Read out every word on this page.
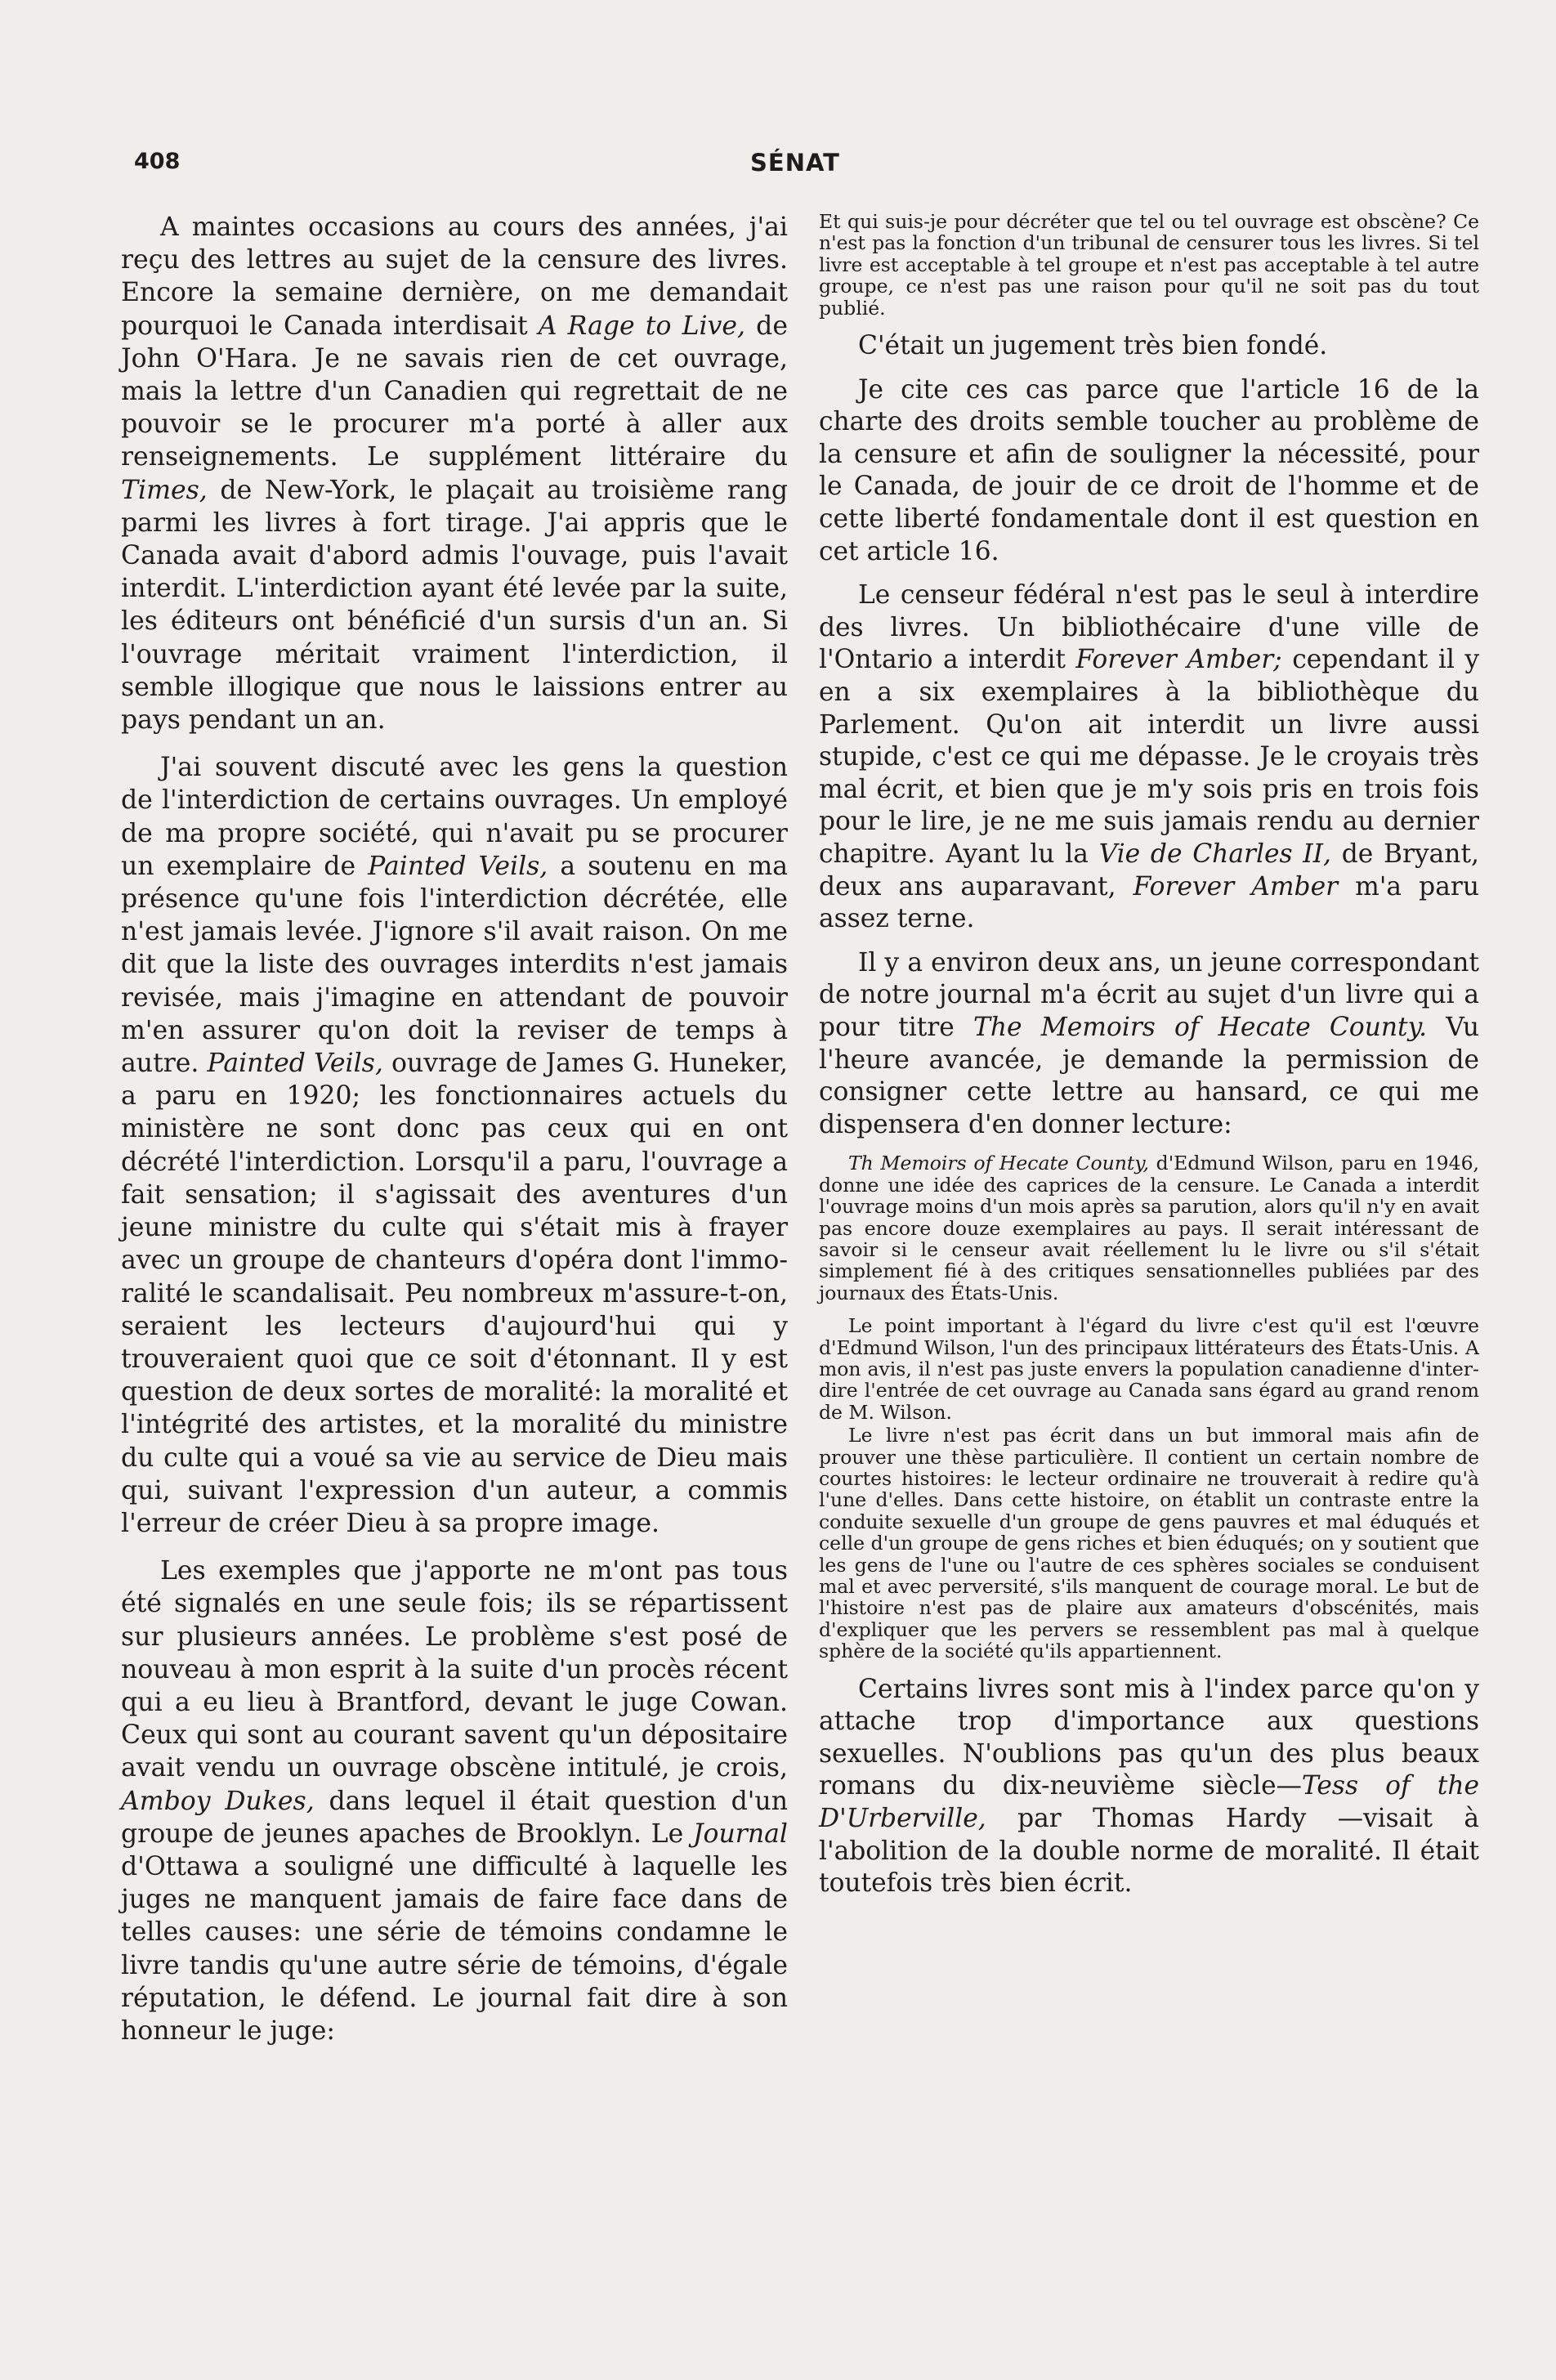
408	SÉNAT

A maintes occasions au cours des années, j'ai reçu des lettres au sujet de la censure des livres. Encore la semaine dernière, on me demandait pourquoi le Canada interdisait A Rage to Live, de John O'Hara. Je ne savais rien de cet ouvrage, mais la lettre d'un Canadien qui regrettait de ne pouvoir se le procurer m'a porté à aller aux renseignements. Le supplément littéraire du Times, de New-York, le plaçait au troisième rang parmi les livres à fort tirage. J'ai appris que le Canada avait d'abord admis l'ouvage, puis l'avait interdit. L'interdiction ayant été levée par la suite, les éditeurs ont bénéficié d'un sursis d'un an. Si l'ouvrage méritait vraiment l'interdiction, il semble illogique que nous le laissions entrer au pays pendant un an.

J'ai souvent discuté avec les gens la question de l'interdiction de certains ouvrages. Un employé de ma propre société, qui n'avait pu se procurer un exemplaire de Painted Veils, a soutenu en ma présence qu'une fois l'interdiction décrétée, elle n'est jamais levée. J'ignore s'il avait raison. On me dit que la liste des ouvrages interdits n'est jamais revisée, mais j'imagine en attendant de pouvoir m'en assurer qu'on doit la reviser de temps à autre. Painted Veils, ouvrage de James G. Huneker, a paru en 1920; les fonctionnaires actuels du ministère ne sont donc pas ceux qui en ont décrété l'interdiction. Lorsqu'il a paru, l'ouvrage a fait sensation; il s'agissait des aventures d'un jeune ministre du culte qui s'était mis à frayer avec un groupe de chanteurs d'opéra dont l'immoralité le scandalisait. Peu nombreux m'assure-t-on, seraient les lecteurs d'aujourd'hui qui y trouveraient quoi que ce soit d'étonnant. Il y est question de deux sortes de moralité: la moralité et l'intégrité des artistes, et la moralité du ministre du culte qui a voué sa vie au service de Dieu mais qui, suivant l'expression d'un auteur, a commis l'erreur de créer Dieu à sa propre image.

Les exemples que j'apporte ne m'ont pas tous été signalés en une seule fois; ils se répartissent sur plusieurs années. Le problème s'est posé de nouveau à mon esprit à la suite d'un procès récent qui a eu lieu à Brantford, devant le juge Cowan. Ceux qui sont au courant savent qu'un dépositaire avait vendu un ouvrage obscène intitulé, je crois, Amboy Dukes, dans lequel il était question d'un groupe de jeunes apaches de Brooklyn. Le Journal d'Ottawa a souligné une difficulté à laquelle les juges ne manquent jamais de faire face dans de telles causes: une série de témoins condamne le livre tandis qu'une autre série de témoins, d'égale réputation, le défend. Le journal fait dire à son honneur le juge:

Et qui suis-je pour décréter que tel ou tel ouvrage est obscène? Ce n'est pas la fonction d'un tribunal de censurer tous les livres. Si tel livre est acceptable à tel groupe et n'est pas acceptable à tel autre groupe, ce n'est pas une raison pour qu'il ne soit pas du tout publié.

C'était un jugement très bien fondé.

Je cite ces cas parce que l'article 16 de la charte des droits semble toucher au problème de la censure et afin de souligner la nécessité, pour le Canada, de jouir de ce droit de l'homme et de cette liberté fondamentale dont il est question en cet article 16.

Le censeur fédéral n'est pas le seul à interdire des livres. Un bibliothécaire d'une ville de l'Ontario a interdit Forever Amber; cependant il y en a six exemplaires à la bibliothèque du Parlement. Qu'on ait interdit un livre aussi stupide, c'est ce qui me dépasse. Je le croyais très mal écrit, et bien que je m'y sois pris en trois fois pour le lire, je ne me suis jamais rendu au dernier chapitre. Ayant lu la Vie de Charles II, de Bryant, deux ans auparavant, Forever Amber m'a paru assez terne.

Il y a environ deux ans, un jeune correspondant de notre journal m'a écrit au sujet d'un livre qui a pour titre The Memoirs of Hecate County. Vu l'heure avancée, je demande la permission de consigner cette lettre au hansard, ce qui me dispensera d'en donner lecture:

Th Memoirs of Hecate County, d'Edmund Wilson, paru en 1946, donne une idée des caprices de la censure. Le Canada a interdit l'ouvrage moins d'un mois après sa parution, alors qu'il n'y en avait pas encore douze exemplaires au pays. Il serait intéressant de savoir si le censeur avait réellement lu le livre ou s'il s'était simplement fié à des critiques sensationnelles publiées par des journaux des États-Unis.

Le point important à l'égard du livre c'est qu'il est l'œuvre d'Edmund Wilson, l'un des principaux littérateurs des États-Unis. A mon avis, il n'est pas juste envers la population canadienne d'interdire l'entrée de cet ouvrage au Canada sans égard au grand renom de M. Wilson.

Le livre n'est pas écrit dans un but immoral mais afin de prouver une thèse particulière. Il contient un certain nombre de courtes histoires: le lecteur ordinaire ne trouverait à redire qu'à l'une d'elles. Dans cette histoire, on établit un contraste entre la conduite sexuelle d'un groupe de gens pauvres et mal éduqués et celle d'un groupe de gens riches et bien éduqués; on y soutient que les gens de l'une ou l'autre de ces sphères sociales se conduisent mal et avec perversité, s'ils manquent de courage moral. Le but de l'histoire n'est pas de plaire aux amateurs d'obscénités, mais d'expliquer que les pervers se ressemblent pas mal à quelque sphère de la société qu'ils appartiennent.

Certains livres sont mis à l'index parce qu'on y attache trop d'importance aux questions sexuelles. N'oublions pas qu'un des plus beaux romans du dix-neuvième siècle—Tess of the D'Urberville, par Thomas Hardy —visait à l'abolition de la double norme de moralité. Il était toutefois très bien écrit.
